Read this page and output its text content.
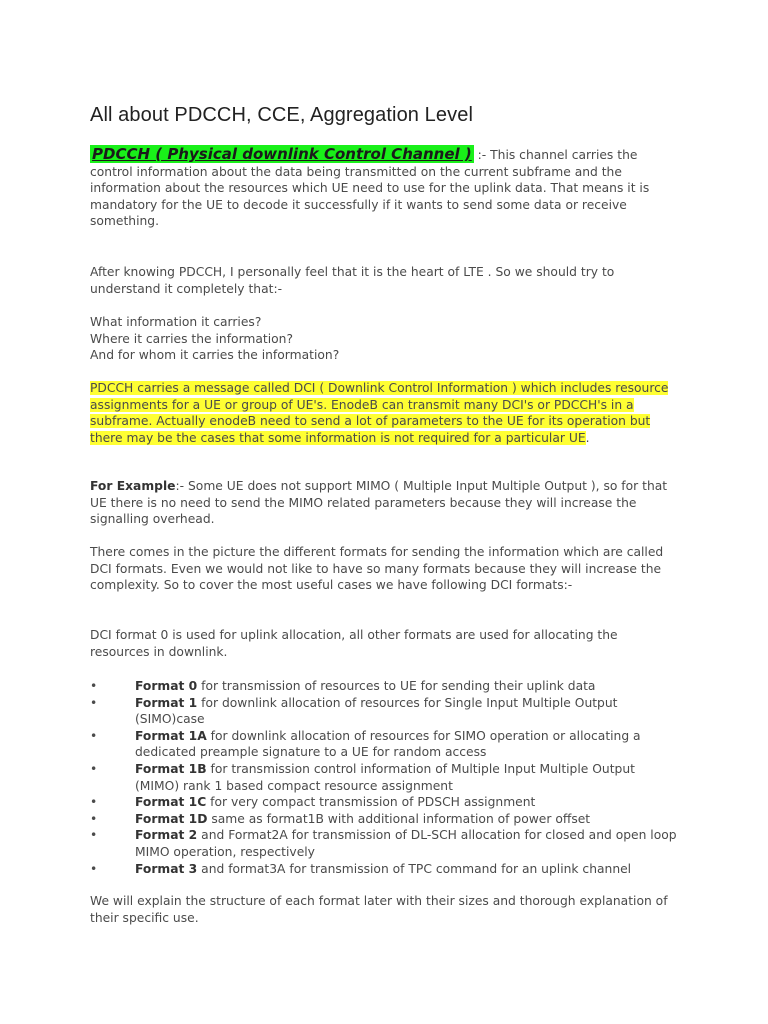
All about PDCCH, CCE, Aggregation Level

PDCCH ( Physical downlink Control Channel ) :- This channel carries the control information about the data being transmitted on the current subframe and the information about the resources which UE need to use for the uplink data. That means it is mandatory for the UE to decode it successfully if it wants to send some data or receive something.

After knowing PDCCH, I personally feel that it is the heart of LTE . So we should try to understand it completely that:-

What information it carries?
Where it carries the information?
And for whom it carries the information?

PDCCH carries a message called DCI ( Downlink Control Information ) which includes resource assignments for a UE or group of UE's. EnodeB can transmit many DCI's or PDCCH's in a subframe. Actually enodeB need to send a lot of parameters to the UE for its operation but there may be the cases that some information is not required for a particular UE.

For Example:- Some UE does not support MIMO ( Multiple Input Multiple Output ), so for that UE there is no need to send the MIMO related parameters because they will increase the signalling overhead.

There comes in the picture the different formats for sending the information which are called DCI formats. Even we would not like to have so many formats because they will increase the complexity. So to cover the most useful cases we have following DCI formats:-

DCI format 0 is used for uplink allocation, all other formats are used for allocating the resources in downlink.

•	Format 0 for transmission of resources to UE for sending their uplink data
•	Format 1 for downlink allocation of resources for Single Input Multiple Output (SIMO)case
•	Format 1A for downlink allocation of resources for SIMO operation or allocating a dedicated preample signature to a UE for random access
•	Format 1B for transmission control information of Multiple Input Multiple Output (MIMO) rank 1 based compact resource assignment
•	Format 1C for very compact transmission of PDSCH assignment
•	Format 1D same as format1B with additional information of power offset
•	Format 2 and Format2A for transmission of DL-SCH allocation for closed and open loop MIMO operation, respectively
•	Format 3 and format3A for transmission of TPC command for an uplink channel

We will explain the structure of each format later with their sizes and thorough explanation of their specific use.
